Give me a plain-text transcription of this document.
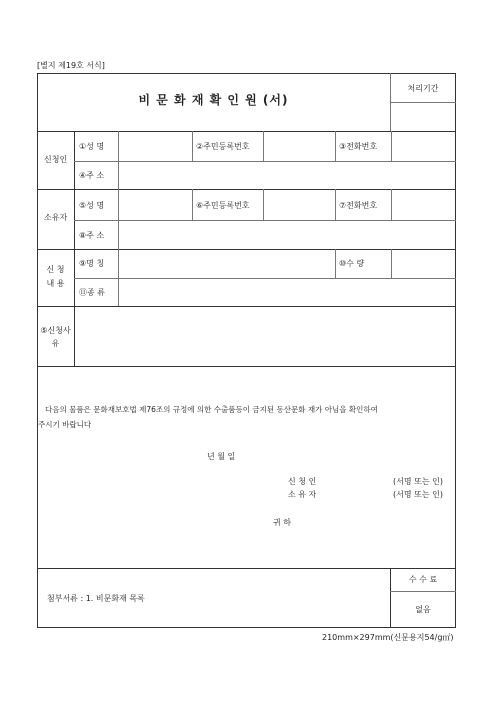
[별지 제19호 서식]
비 문 화 재 확 인 원 (서)
처리기간
신청인
①성 명	②주민등록번호	③전화번호
④주 소
소유자
⑤성 명	⑥주민등록번호	⑦전화번호
⑧주 소
신 청
내 용
⑨명 칭	⑩수 량
⑪종 류
⑤신청사
유
다음의 물품은 문화재보호법 제76조의 규정에 의한 수출품등이 금지된 동산문화 재가 아님을 확인하여
주시기 바랍니다
년 월 일
신 청 인	(서명 또는 인)
소 유 자	(서명 또는 인)
귀 하
첨부서류 : 1. 비문화재 목록
수 수 료
없음
210mm×297mm(신문용지54/g㎡)
